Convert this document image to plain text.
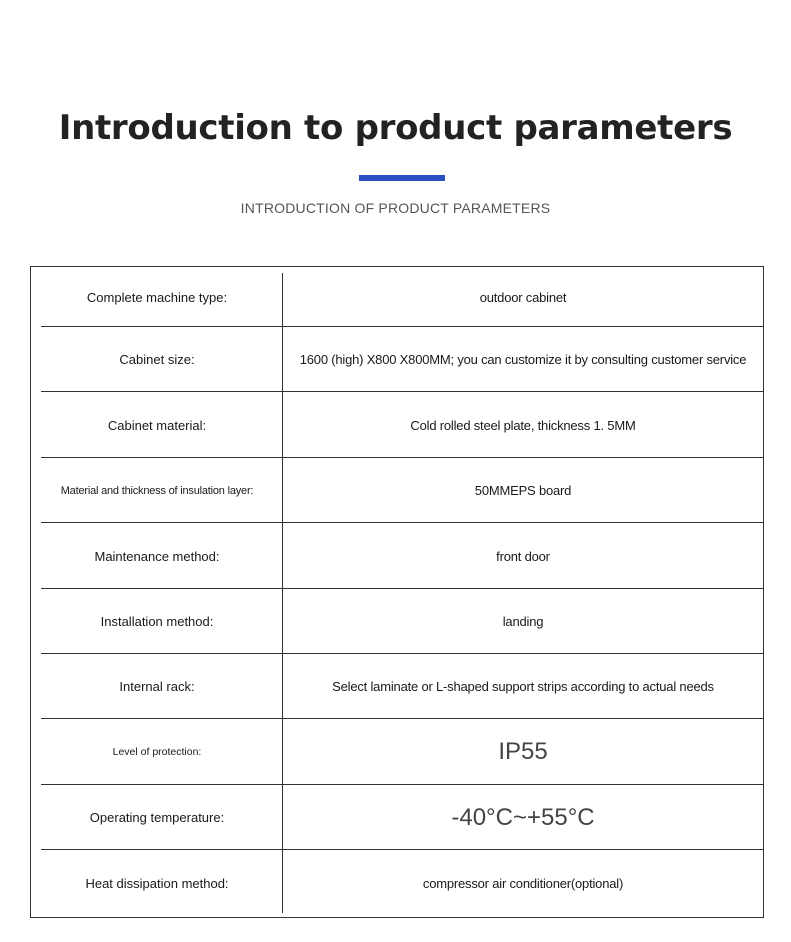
Introduction to product parameters
INTRODUCTION OF PRODUCT PARAMETERS
Complete machine type:	outdoor cabinet
Cabinet size:	1600 (high) X800 X800MM; you can customize it by consulting customer service
Cabinet material:	Cold rolled steel plate, thickness 1. 5MM
Material and thickness of insulation layer:	50MMEPS board
Maintenance method:	front door
Installation method:	landing
Internal rack:	Select laminate or L-shaped support strips according to actual needs
Level of protection:	IP55
Operating temperature:	-40°C~+55°C
Heat dissipation method:	compressor air conditioner(optional)
